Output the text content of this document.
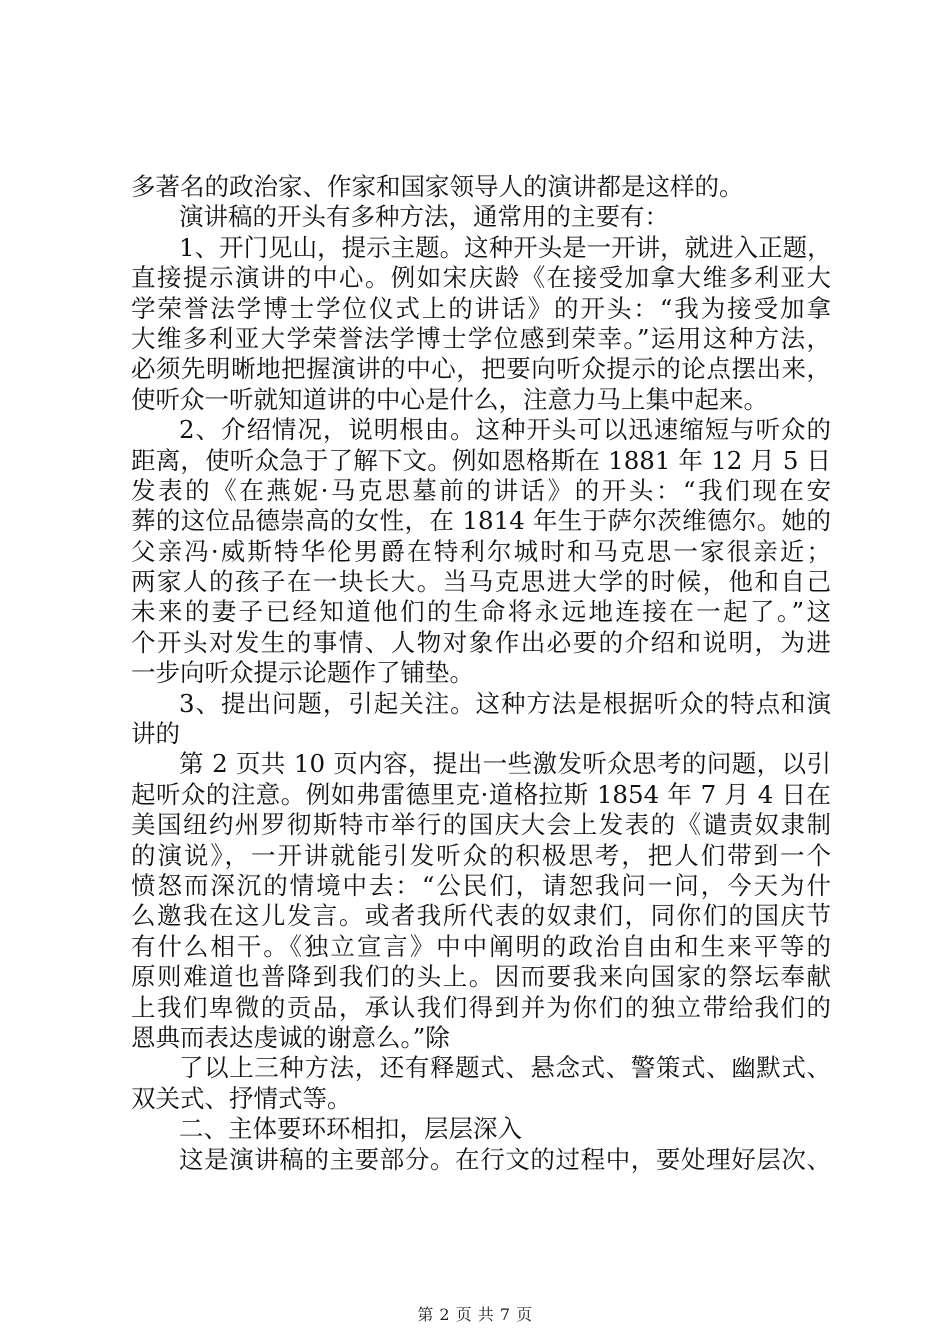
多著名的政治家、作家和国家领导人的演讲都是这样的。
演讲稿的开头有多种方法，通常用的主要有：
1、开门见山，提示主题。这种开头是一开讲，就进入正题，
直接提示演讲的中心。例如宋庆龄《在接受加拿大维多利亚大
学荣誉法学博士学位仪式上的讲话》的开头：“我为接受加拿
大维多利亚大学荣誉法学博士学位感到荣幸。”运用这种方法，
必须先明晰地把握演讲的中心，把要向听众提示的论点摆出来，
使听众一听就知道讲的中心是什么，注意力马上集中起来。
2、介绍情况，说明根由。这种开头可以迅速缩短与听众的
距离，使听众急于了解下文。例如恩格斯在 1881 年 12 月 5 日
发表的《在燕妮·马克思墓前的讲话》的开头：“我们现在安
葬的这位品德崇高的女性，在 1814 年生于萨尔茨维德尔。她的
父亲冯·威斯特华伦男爵在特利尔城时和马克思一家很亲近；
两家人的孩子在一块长大。当马克思进大学的时候，他和自己
未来的妻子已经知道他们的生命将永远地连接在一起了。”这
个开头对发生的事情、人物对象作出必要的介绍和说明，为进
一步向听众提示论题作了铺垫。
3、提出问题，引起关注。这种方法是根据听众的特点和演
讲的
第 2 页共 10 页内容，提出一些激发听众思考的问题，以引
起听众的注意。例如弗雷德里克·道格拉斯 1854 年 7 月 4 日在
美国纽约州罗彻斯特市举行的国庆大会上发表的《谴责奴隶制
的演说》，一开讲就能引发听众的积极思考，把人们带到一个
愤怒而深沉的情境中去：“公民们，请恕我问一问，今天为什
么邀我在这儿发言。或者我所代表的奴隶们，同你们的国庆节
有什么相干。《独立宣言》中中阐明的政治自由和生来平等的
原则难道也普降到我们的头上。因而要我来向国家的祭坛奉献
上我们卑微的贡品，承认我们得到并为你们的独立带给我们的
恩典而表达虔诚的谢意么。”除
了以上三种方法，还有释题式、悬念式、警策式、幽默式、
双关式、抒情式等。
二、主体要环环相扣，层层深入
这是演讲稿的主要部分。在行文的过程中，要处理好层次、
第 2 页 共 7 页
